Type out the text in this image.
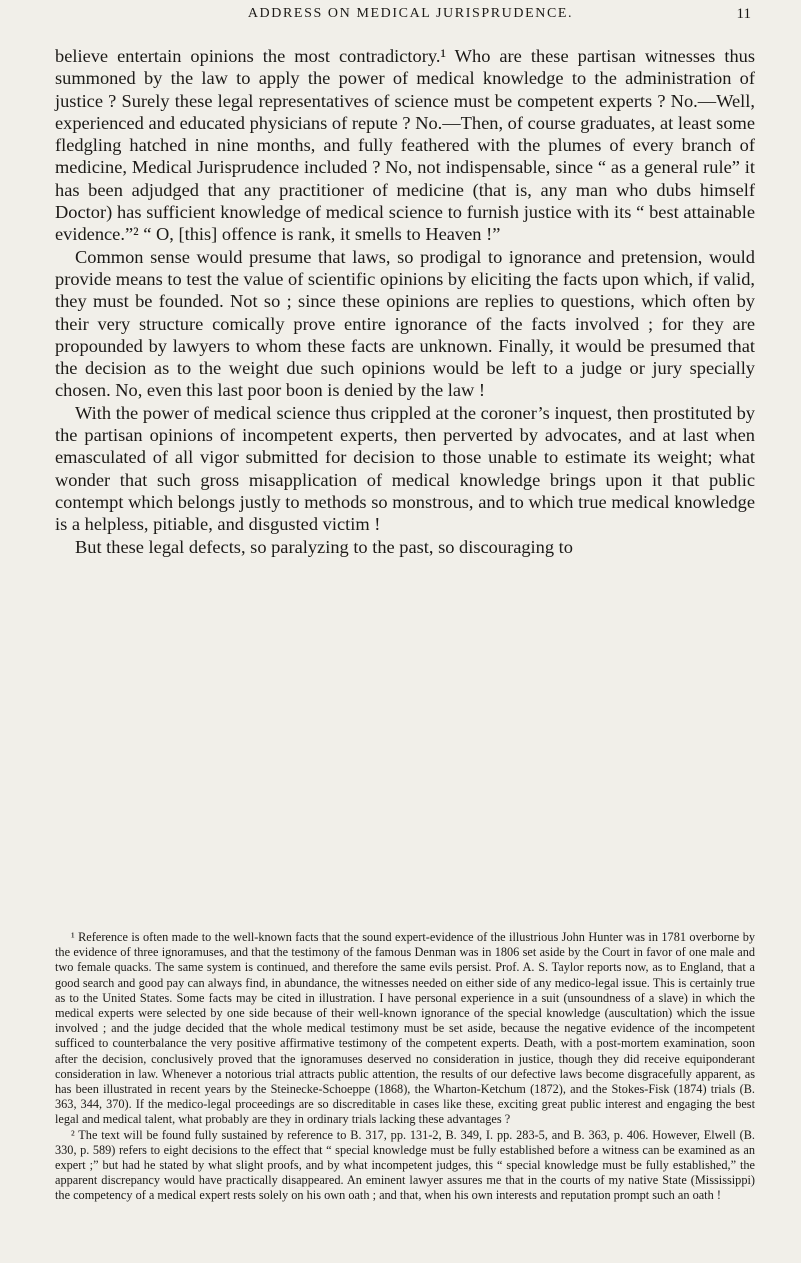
ADDRESS ON MEDICAL JURISPRUDENCE.	11

believe entertain opinions the most contradictory.¹ Who are these partisan witnesses thus summoned by the law to apply the power of medical knowledge to the administration of justice ? Surely these legal representatives of science must be competent experts ? No.—Well, experienced and educated physicians of repute ? No.—Then, of course graduates, at least some fledgling hatched in nine months, and fully feathered with the plumes of every branch of medicine, Medical Jurisprudence included ? No, not indispensable, since “ as a general rule” it has been adjudged that any practitioner of medicine (that is, any man who dubs himself Doctor) has sufficient knowledge of medical science to furnish justice with its “ best attainable evidence.”² “ O, [this] offence is rank, it smells to Heaven !”

Common sense would presume that laws, so prodigal to ignorance and pretension, would provide means to test the value of scientific opinions by eliciting the facts upon which, if valid, they must be founded. Not so ; since these opinions are replies to questions, which often by their very structure comically prove entire ignorance of the facts involved ; for they are propounded by lawyers to whom these facts are unknown. Finally, it would be presumed that the decision as to the weight due such opinions would be left to a judge or jury specially chosen. No, even this last poor boon is denied by the law !

With the power of medical science thus crippled at the coroner’s inquest, then prostituted by the partisan opinions of incompetent experts, then perverted by advocates, and at last when emasculated of all vigor submitted for decision to those unable to estimate its weight; what wonder that such gross misapplication of medical knowledge brings upon it that public contempt which belongs justly to methods so monstrous, and to which true medical knowledge is a helpless, pitiable, and disgusted victim !

But these legal defects, so paralyzing to the past, so discouraging to

¹ Reference is often made to the well-known facts that the sound expert-evidence of the illustrious John Hunter was in 1781 overborne by the evidence of three ignoramuses, and that the testimony of the famous Denman was in 1806 set aside by the Court in favor of one male and two female quacks. The same system is continued, and therefore the same evils persist. Prof. A. S. Taylor reports now, as to England, that a good search and good pay can always find, in abundance, the witnesses needed on either side of any medico-legal issue. This is certainly true as to the United States. Some facts may be cited in illustration. I have personal experience in a suit (unsoundness of a slave) in which the medical experts were selected by one side because of their well-known ignorance of the special knowledge (auscultation) which the issue involved ; and the judge decided that the whole medical testimony must be set aside, because the negative evidence of the incompetent sufficed to counterbalance the very positive affirmative testimony of the competent experts. Death, with a post-mortem examination, soon after the decision, conclusively proved that the ignoramuses deserved no consideration in justice, though they did receive equiponderant consideration in law. Whenever a notorious trial attracts public attention, the results of our defective laws become disgracefully apparent, as has been illustrated in recent years by the Steinecke-Schoeppe (1868), the Wharton-Ketchum (1872), and the Stokes-Fisk (1874) trials (B. 363, 344, 370). If the medico-legal proceedings are so discreditable in cases like these, exciting great public interest and engaging the best legal and medical talent, what probably are they in ordinary trials lacking these advantages ?

² The text will be found fully sustained by reference to B. 317, pp. 131-2, B. 349, I. pp. 283-5, and B. 363, p. 406. However, Elwell (B. 330, p. 589) refers to eight decisions to the effect that “ special knowledge must be fully established before a witness can be examined as an expert ;” but had he stated by what slight proofs, and by what incompetent judges, this “ special knowledge must be fully established,” the apparent discrepancy would have practically disappeared. An eminent lawyer assures me that in the courts of my native State (Mississippi) the competency of a medical expert rests solely on his own oath ; and that, when his own interests and reputation prompt such an oath !
